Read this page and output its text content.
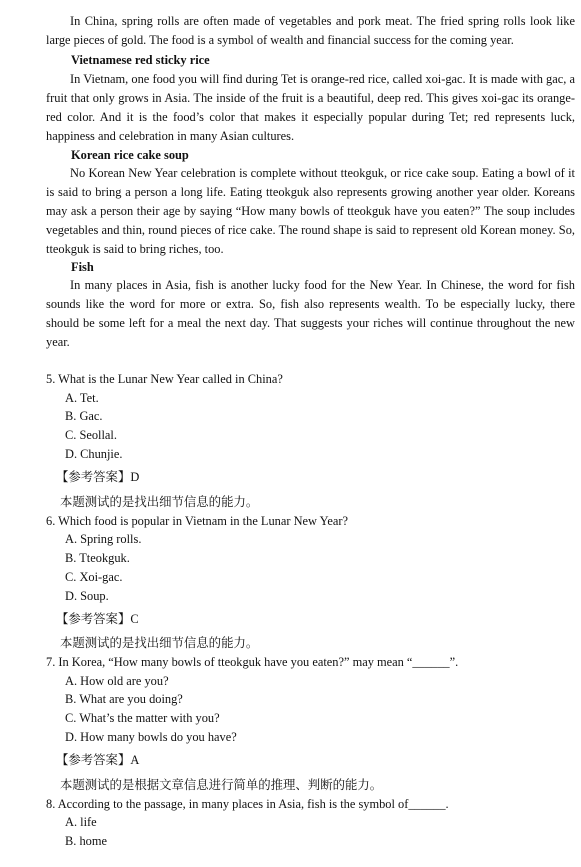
In China, spring rolls are often made of vegetables and pork meat. The fried spring rolls look like large pieces of gold. The food is a symbol of wealth and financial success for the coming year.

Vietnamese red sticky rice

In Vietnam, one food you will find during Tet is orange-red rice, called xoi-gac. It is made with gac, a fruit that only grows in Asia. The inside of the fruit is a beautiful, deep red. This gives xoi-gac its orange-red color. And it is the food’s color that makes it especially popular during Tet; red represents luck, happiness and celebration in many Asian cultures.

Korean rice cake soup

No Korean New Year celebration is complete without tteokguk, or rice cake soup. Eating a bowl of it is said to bring a person a long life. Eating tteokguk also represents growing another year older. Koreans may ask a person their age by saying “How many bowls of tteokguk have you eaten?” The soup includes vegetables and thin, round pieces of rice cake. The round shape is said to represent old Korean money. So, tteokguk is said to bring riches, too.

Fish

In many places in Asia, fish is another lucky food for the New Year. In Chinese, the word for fish sounds like the word for more or extra. So, fish also represents wealth. To be especially lucky, there should be some left for a meal the next day. That suggests your riches will continue throughout the new year.

5. What is the Lunar New Year called in China?

A. Tet.

B. Gac.

C. Seollal.

D. Chunjie.

【参考答案】D

本题测试的是找出细节信息的能力。

6. Which food is popular in Vietnam in the Lunar New Year?

A. Spring rolls.

B. Tteokguk.

C. Xoi-gac.

D. Soup.

【参考答案】C

本题测试的是找出细节信息的能力。

7. In Korea, “How many bowls of tteokguk have you eaten?” may mean “______”.

A. How old are you?

B. What are you doing?

C. What’s the matter with you?

D. How many bowls do you have?

【参考答案】A

本题测试的是根据文章信息进行简单的推理、判断的能力。

8. According to the passage, in many places in Asia, fish is the symbol of______.

A. life

B. home
